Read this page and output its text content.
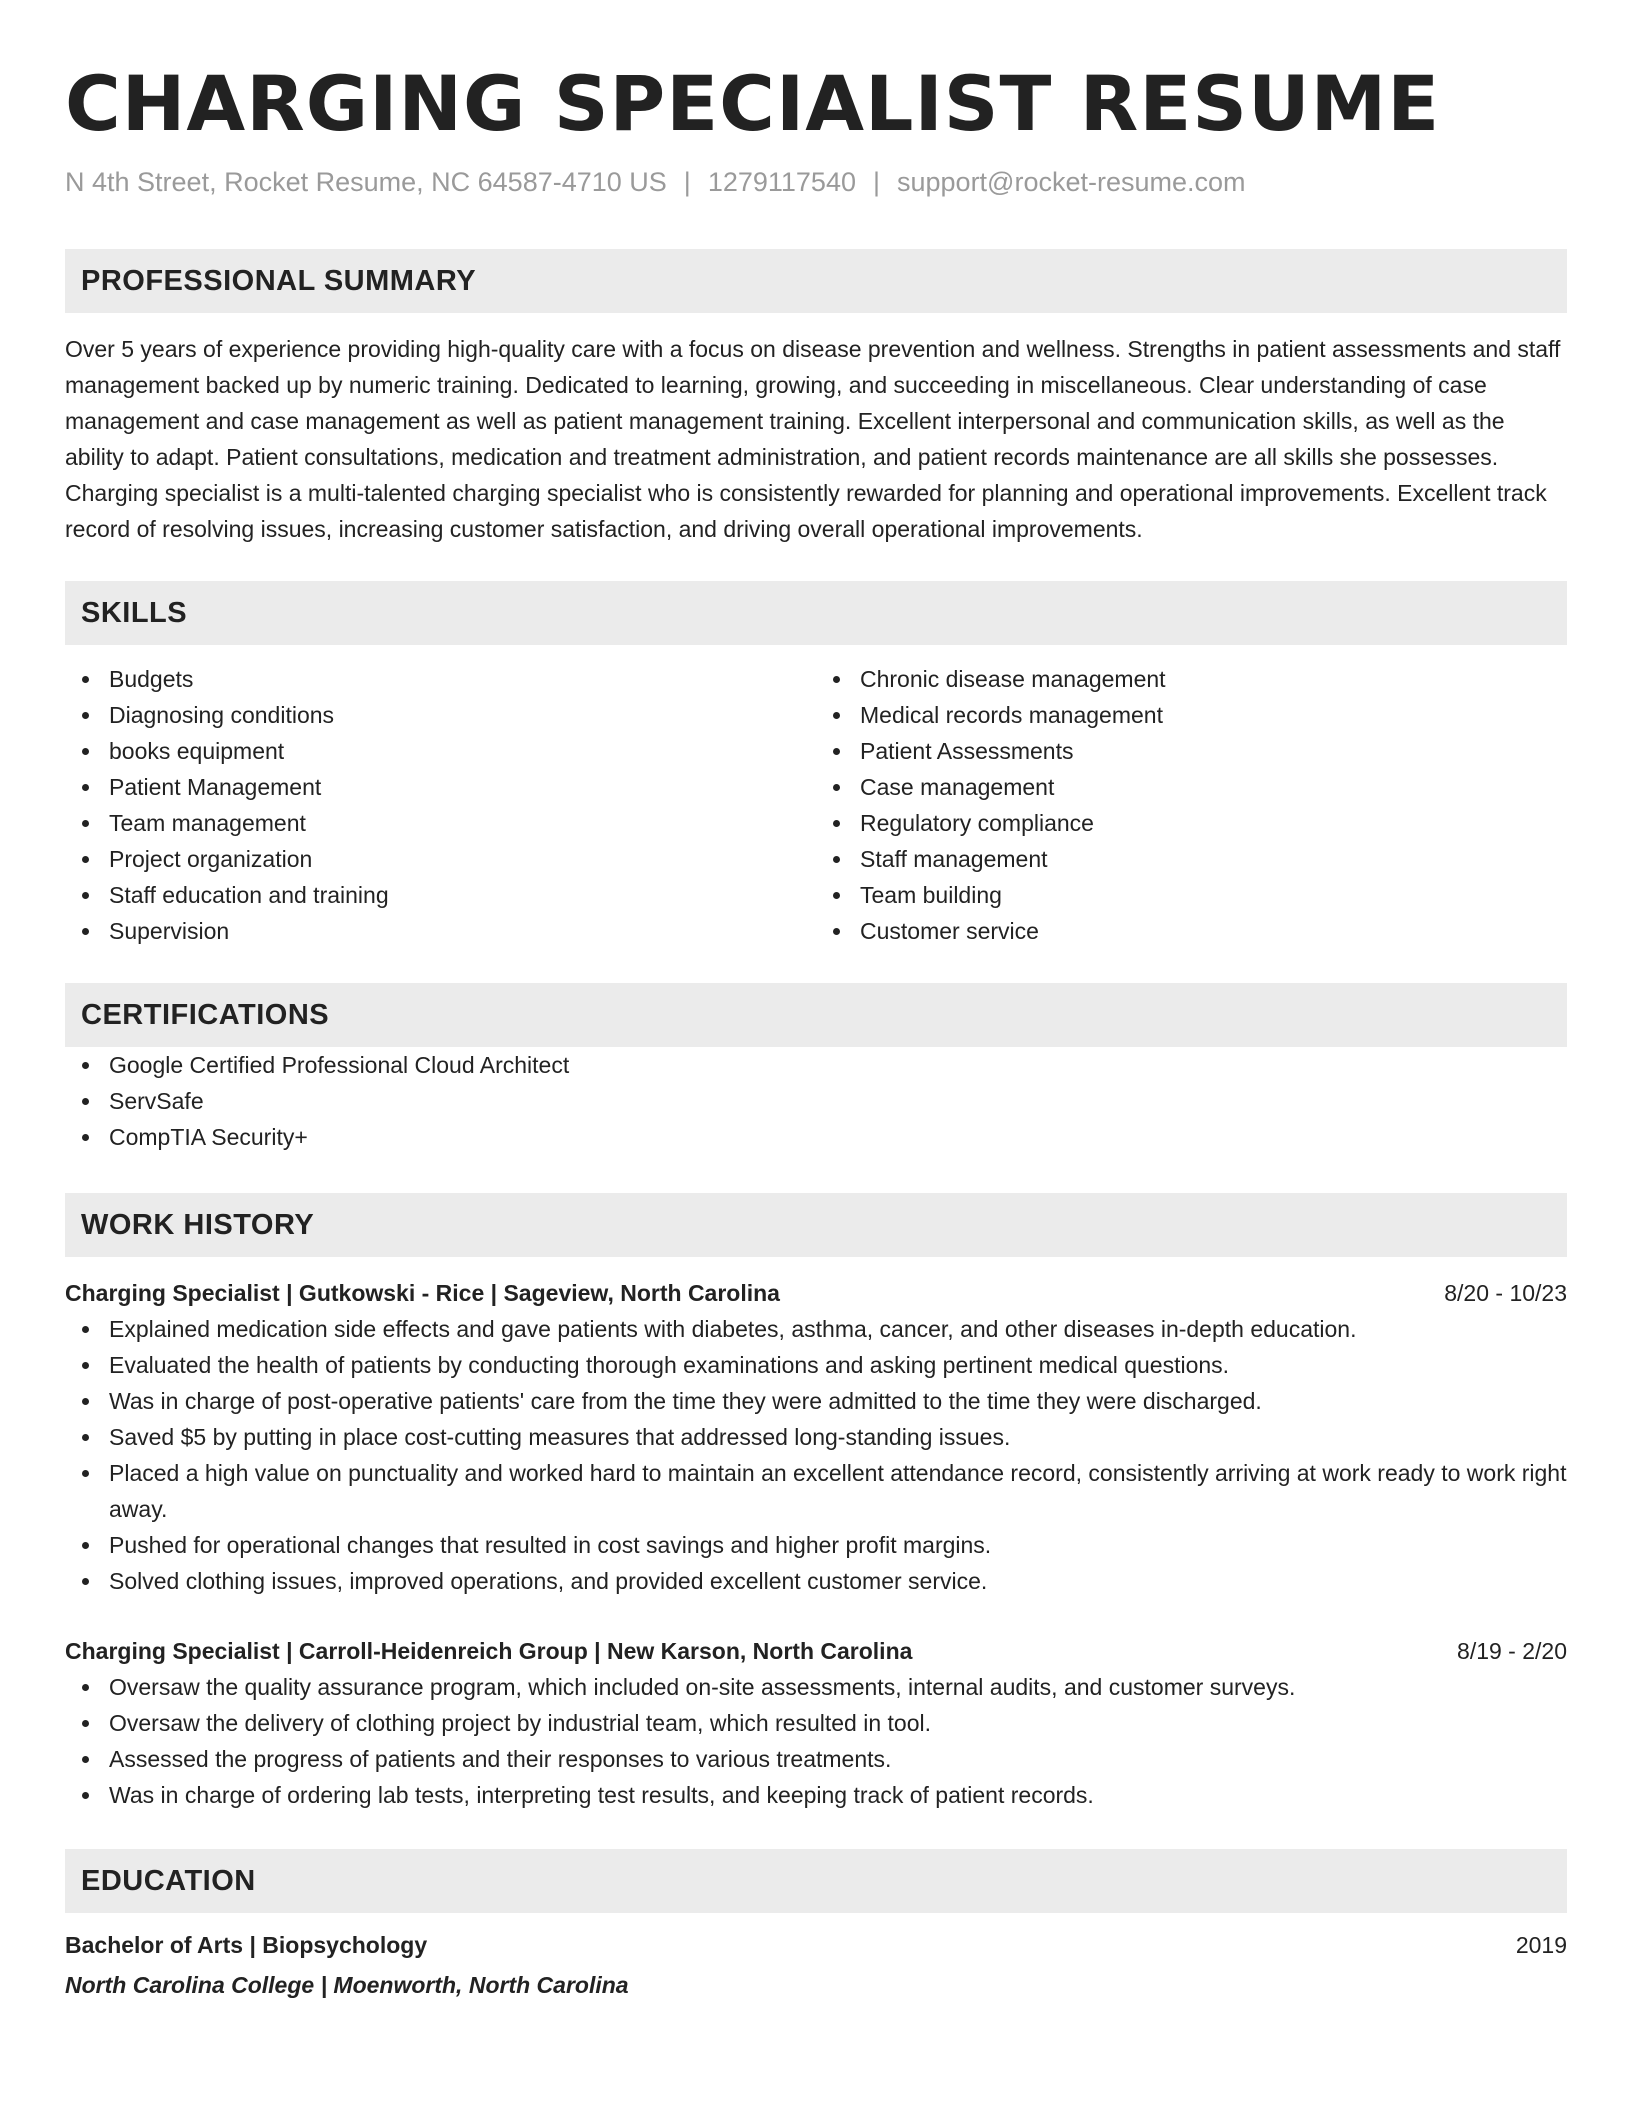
CHARGING SPECIALIST RESUME
N 4th Street, Rocket Resume, NC 64587-4710 US | 1279117540 | support@rocket-resume.com
PROFESSIONAL SUMMARY

Over 5 years of experience providing high-quality care with a focus on disease prevention and wellness. Strengths in patient assessments and staff management backed up by numeric training. Dedicated to learning, growing, and succeeding in miscellaneous. Clear understanding of case management and case management as well as patient management training. Excellent interpersonal and communication skills, as well as the ability to adapt. Patient consultations, medication and treatment administration, and patient records maintenance are all skills she possesses. Charging specialist is a multi-talented charging specialist who is consistently rewarded for planning and operational improvements. Excellent track record of resolving issues, increasing customer satisfaction, and driving overall operational improvements.

SKILLS
Budgets
Diagnosing conditions
books equipment
Patient Management
Team management
Project organization
Staff education and training
Supervision
Chronic disease management
Medical records management
Patient Assessments
Case management
Regulatory compliance
Staff management
Team building
Customer service
CERTIFICATIONS
Google Certified Professional Cloud Architect
ServSafe
CompTIA Security+
WORK HISTORY
Charging Specialist | Gutkowski - Rice | Sageview, North Carolina	8/20 - 10/23
Explained medication side effects and gave patients with diabetes, asthma, cancer, and other diseases in-depth education.
Evaluated the health of patients by conducting thorough examinations and asking pertinent medical questions.
Was in charge of post-operative patients' care from the time they were admitted to the time they were discharged.
Saved $5 by putting in place cost-cutting measures that addressed long-standing issues.
Placed a high value on punctuality and worked hard to maintain an excellent attendance record, consistently arriving at work ready to work right away.
Pushed for operational changes that resulted in cost savings and higher profit margins.
Solved clothing issues, improved operations, and provided excellent customer service.
Charging Specialist | Carroll-Heidenreich Group | New Karson, North Carolina	8/19 - 2/20
Oversaw the quality assurance program, which included on-site assessments, internal audits, and customer surveys.
Oversaw the delivery of clothing project by industrial team, which resulted in tool.
Assessed the progress of patients and their responses to various treatments.
Was in charge of ordering lab tests, interpreting test results, and keeping track of patient records.
EDUCATION
Bachelor of Arts | Biopsychology	2019
North Carolina College | Moenworth, North Carolina
